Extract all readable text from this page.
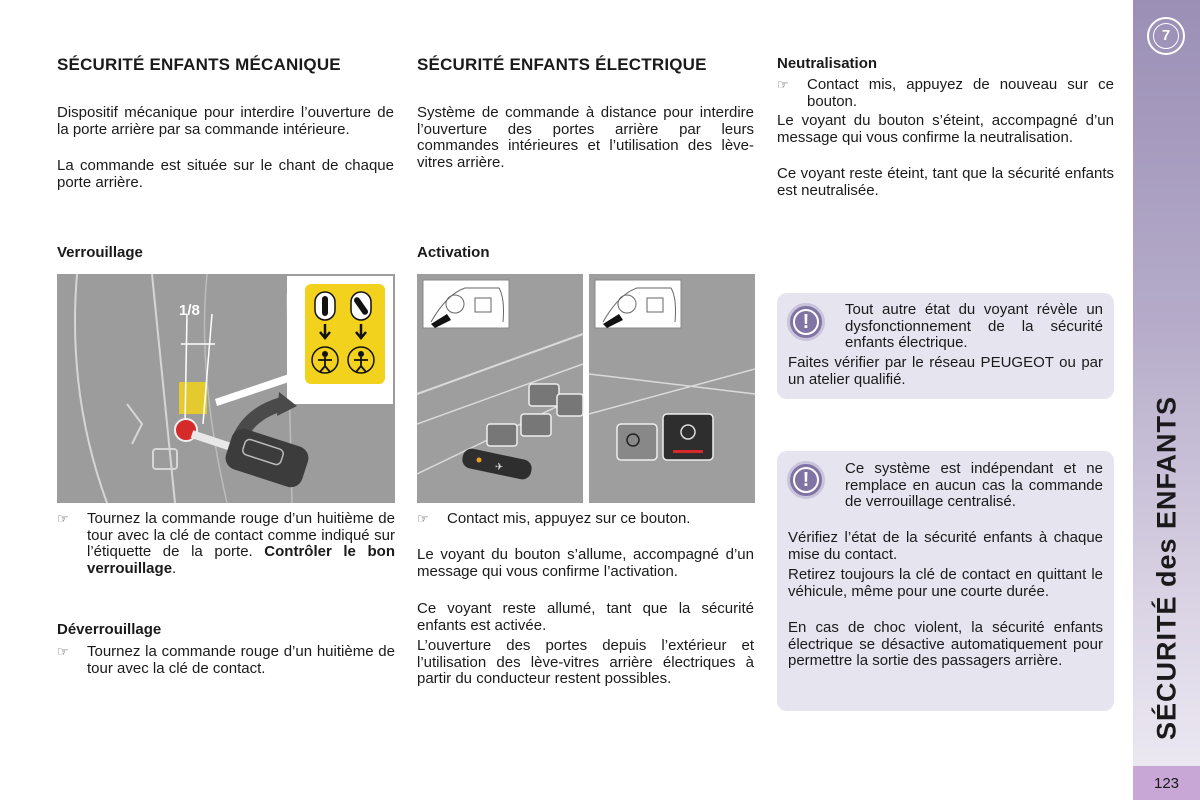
SÉCURITÉ ENFANTS MÉCANIQUE

Dispositif mécanique pour interdire l’ouverture de la porte arrière par sa commande intérieure.

La commande est située sur le chant de chaque porte arrière.

Verrouillage
1/8
☞ Tournez la commande rouge d’un huitième de tour avec la clé de contact comme indiqué sur l’étiquette de la porte. Contrôler le bon verrouillage.
Déverrouillage
☞ Tournez la commande rouge d’un huitième de tour avec la clé de contact.
SÉCURITÉ ENFANTS ÉLECTRIQUE

Système de commande à distance pour interdire l’ouverture des portes arrière par leurs commandes intérieures et l’utilisation des lève-vitres arrière.

Activation
✈
☞ Contact mis, appuyez sur ce bouton.

Le voyant du bouton s’allume, accompagné d’un message qui vous confirme l’activation.

Ce voyant reste allumé, tant que la sécurité enfants est activée.

L’ouverture des portes depuis l’extérieur et l’utilisation des lève-vitres arrière électriques à partir du conducteur restent possibles.

Neutralisation
☞ Contact mis, appuyez de nouveau sur ce bouton.

Le voyant du bouton s’éteint, accompagné d’un message qui vous confirme la neutralisation.

Ce voyant reste éteint, tant que la sécurité enfants est neutralisée.

!

Tout autre état du voyant révèle un dysfonctionnement de la sécurité enfants électrique.

Faites vérifier par le réseau PEUGEOT ou par un atelier qualifié.

!

Ce système est indépendant et ne remplace en aucun cas la commande de verrouillage centralisé.

Vérifiez l’état de la sécurité enfants à chaque mise du contact.

Retirez toujours la clé de contact en quittant le véhicule, même pour une courte durée.

En cas de choc violent, la sécurité enfants électrique se désactive automatiquement pour permettre la sortie des passagers arrière.

7
SÉCURITÉ des ENFANTS
123
